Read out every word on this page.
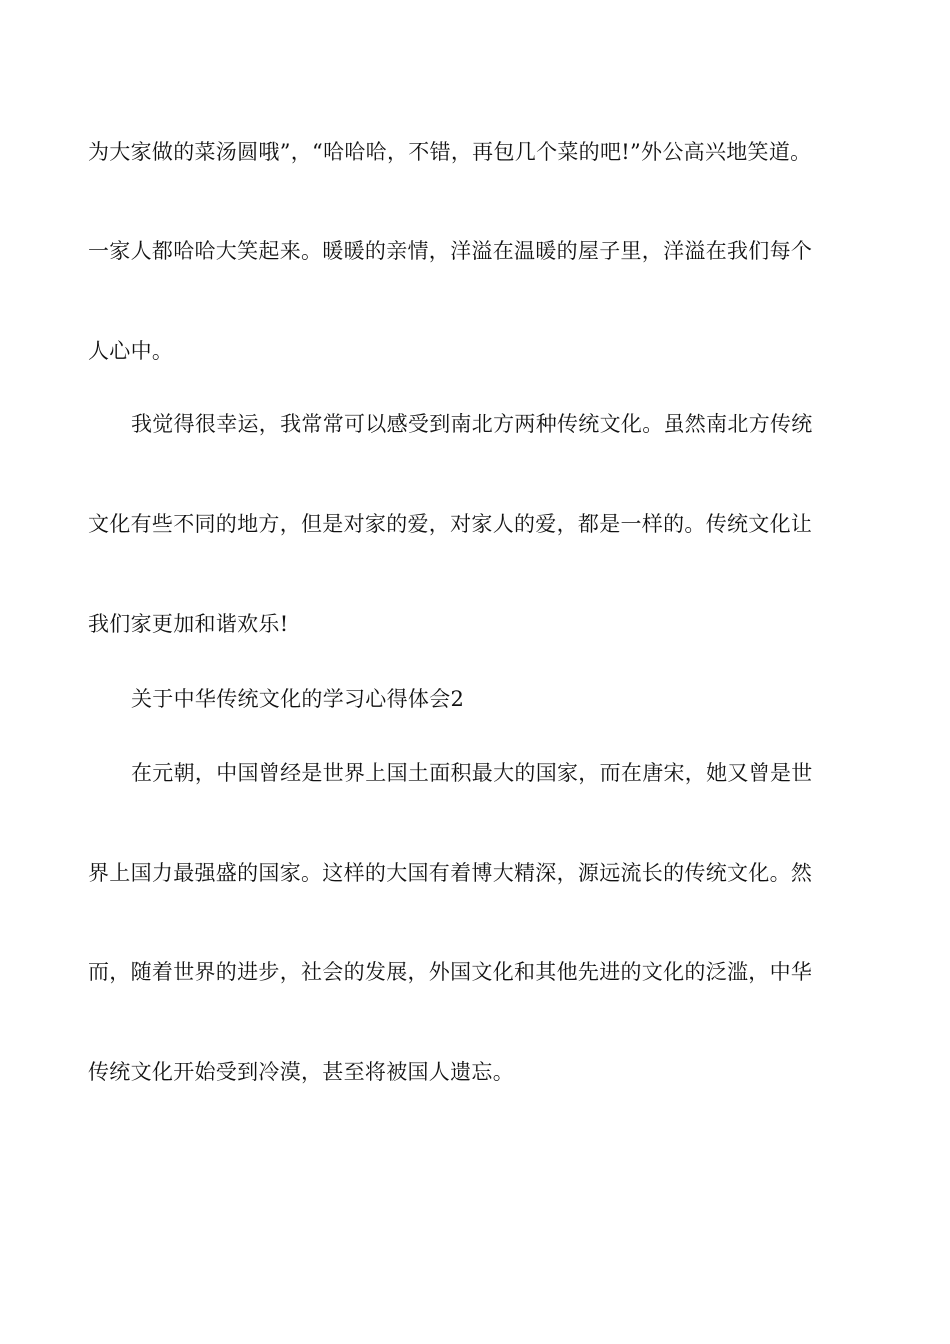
为大家做的菜汤圆哦”，“哈哈哈，不错，再包几个菜的吧!”外公高兴地笑道。
一家人都哈哈大笑起来。暖暖的亲情，洋溢在温暖的屋子里，洋溢在我们每个
人心中。
我觉得很幸运，我常常可以感受到南北方两种传统文化。虽然南北方传统
文化有些不同的地方，但是对家的爱，对家人的爱，都是一样的。传统文化让
我们家更加和谐欢乐!
关于中华传统文化的学习心得体会2
在元朝，中国曾经是世界上国土面积最大的国家，而在唐宋，她又曾是世
界上国力最强盛的国家。这样的大国有着博大精深，源远流长的传统文化。然
而，随着世界的进步，社会的发展，外国文化和其他先进的文化的泛滥，中华
传统文化开始受到冷漠，甚至将被国人遗忘。
